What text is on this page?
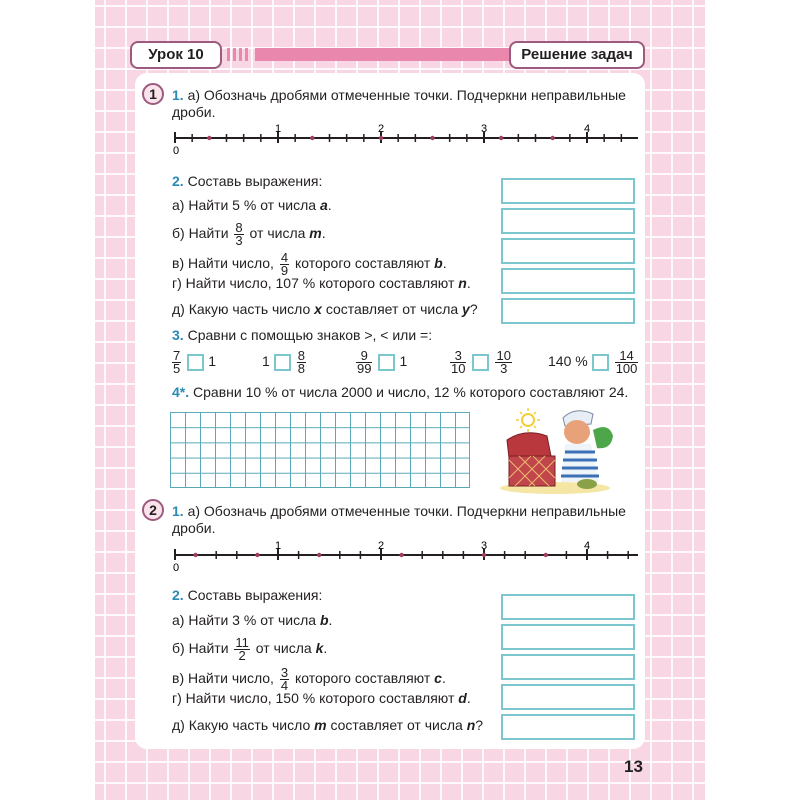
Урок 10	Решение задач
1	1. а) Обозначь дробями отмеченные точки. Подчеркни неправильные
дроби.
0
1	2	3	4
2. Составь выражения:
а) Найти 5 % от числа a.
б) Найти $\frac{8}{3}$ от числа m.
в) Найти число, $\frac{4}{9}$ которого составляют b.
г) Найти число, 107 % которого составляют n.
д) Какую часть число x составляет от числа y?
3. Сравни с помощью знаков >, < или =:
$\frac{7}{5} 1$	$1 \frac{8}{8}$	$\frac{9}{99} 1$	$\frac{3}{10} \frac{10}{3}$	140 % $\frac{14}{100}$
4*. Сравни 10 % от числа 2000 и число, 12 % которого составляют 24.
2	1. а) Обозначь дробями отмеченные точки. Подчеркни неправильные
дроби.
0
1	2	3	4
2. Составь выражения:
а) Найти 3 % от числа b.
б) Найти $\frac{11}{2}$ от числа k.
в) Найти число, $\frac{3}{4}$ которого составляют c.
г) Найти число, 150 % которого составляют d.
д) Какую часть число m составляет от числа n?
13
